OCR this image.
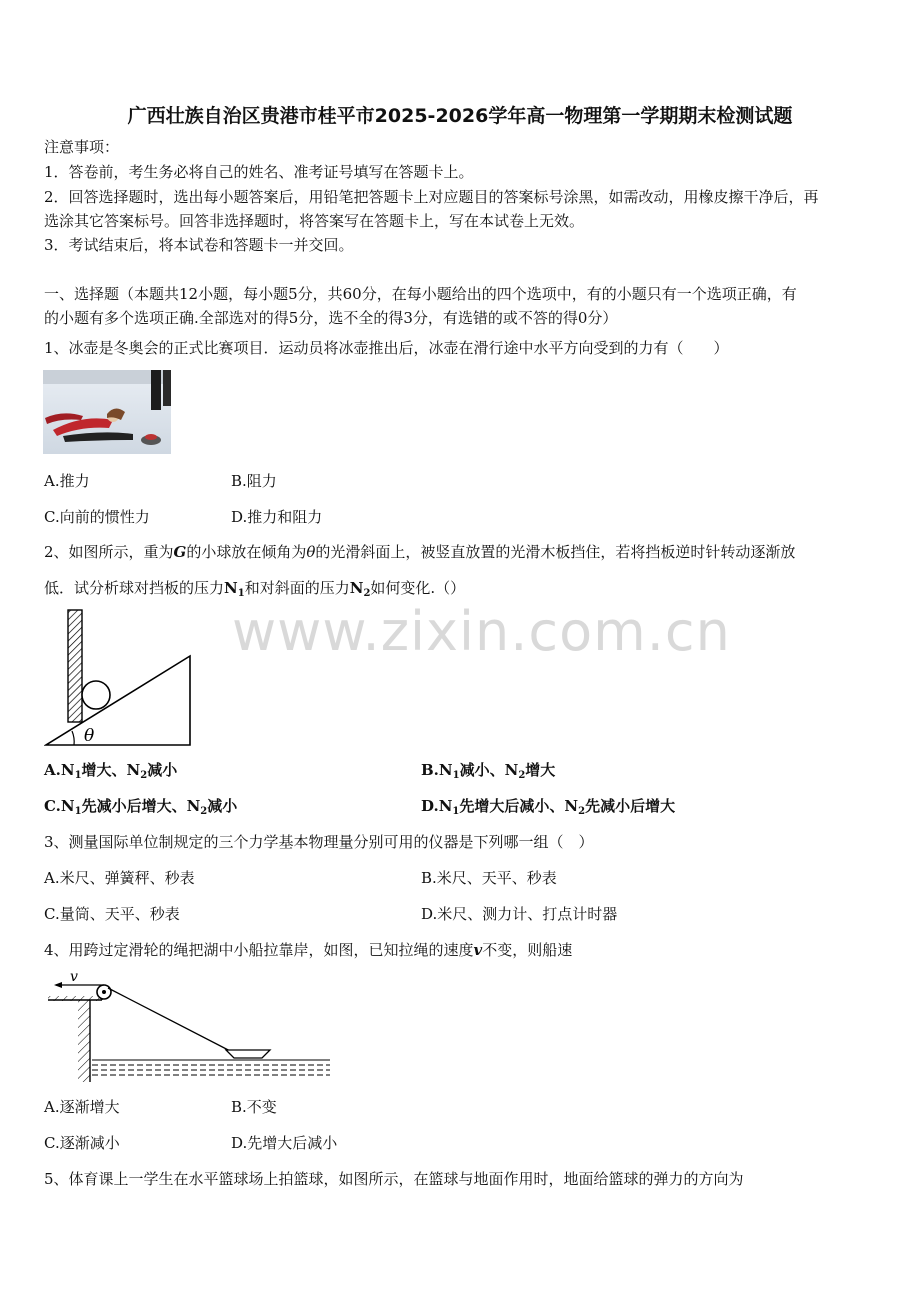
广西壮族自治区贵港市桂平市2025-2026学年高一物理第一学期期末检测试题
注意事项：
1．答卷前，考生务必将自己的姓名、准考证号填写在答题卡上。
2．回答选择题时，选出每小题答案后，用铅笔把答题卡上对应题目的答案标号涂黑，如需改动，用橡皮擦干净后，再
选涂其它答案标号。回答非选择题时，将答案写在答题卡上，写在本试卷上无效。
3．考试结束后，将本试卷和答题卡一并交回。
一、选择题（本题共12小题，每小题5分，共60分，在每小题给出的四个选项中，有的小题只有一个选项正确，有
的小题有多个选项正确.全部选对的得5分，选不全的得3分，有选错的或不答的得0分）
1、冰壶是冬奥会的正式比赛项目．运动员将冰壶推出后，冰壶在滑行途中水平方向受到的力有（　　）
A.推力	B.阻力
C.向前的惯性力	D.推力和阻力
2、如图所示，重为G的小球放在倾角为θ的光滑斜面上，被竖直放置的光滑木板挡住，若将挡板逆时针转动逐渐放
低．试分析球对挡板的压力$N_1$和对斜面的压力$N_2$如何变化.（）
θ
$A.N_1$增大、$N_2$减小	$B.N_1$减小、$N_2$增大
$C.N_1$先减小后增大、$N_2$减小	$D.N_1$先增大后减小、$N_2$先减小后增大
3、测量国际单位制规定的三个力学基本物理量分别可用的仪器是下列哪一组（　）
A.米尺、弹簧秤、秒表	B.米尺、天平、秒表
C.量筒、天平、秒表	D.米尺、测力计、打点计时器
4、用跨过定滑轮的绳把湖中小船拉靠岸，如图，已知拉绳的速度v不变，则船速
v
A.逐渐增大	B.不变
C.逐渐减小	D.先增大后减小
5、体育课上一学生在水平篮球场上拍篮球，如图所示，在篮球与地面作用时，地面给篮球的弹力的方向为
www.zixin.com.cn
